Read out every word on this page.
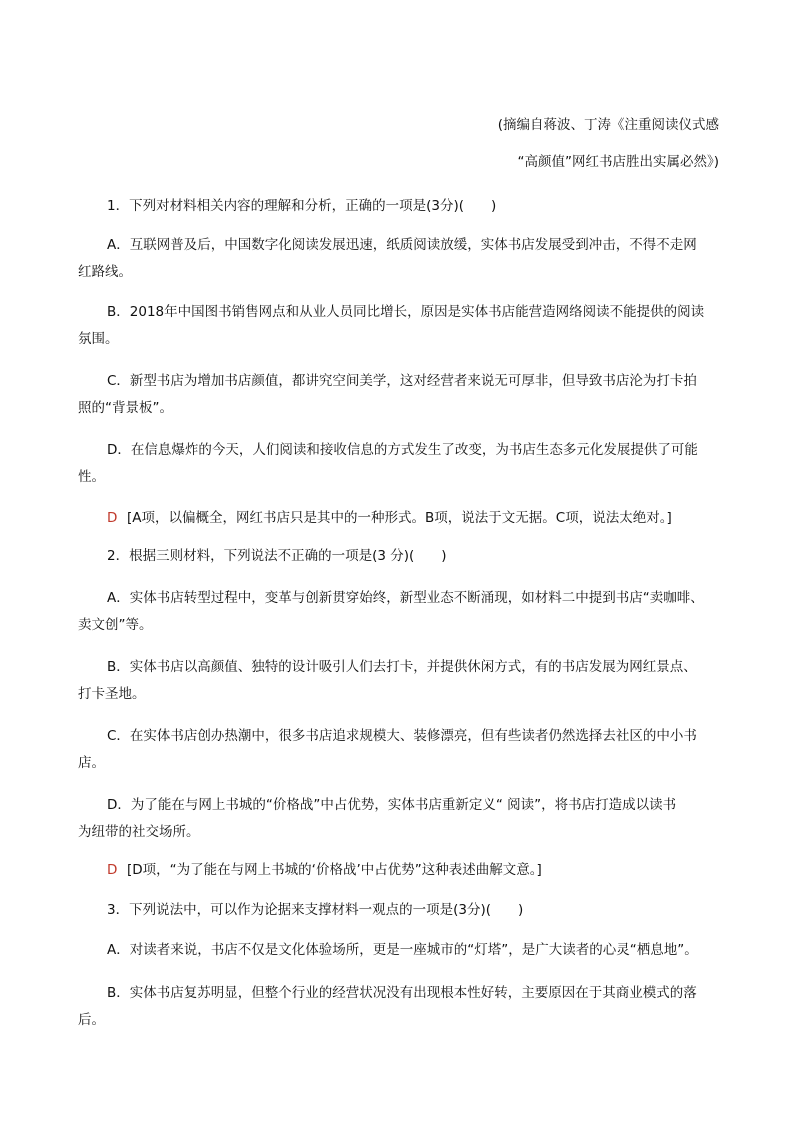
(摘编自蒋波、丁涛《注重阅读仪式感
“高颜值”网红书店胜出实属必然》)
1．下列对材料相关内容的理解和分析，正确的一项是(3分)(　　)
A．互联网普及后，中国数字化阅读发展迅速，纸质阅读放缓，实体书店发展受到冲击，不得不走网
红路线。
B．2018年中国图书销售网点和从业人员同比增长，原因是实体书店能营造网络阅读不能提供的阅读
氛围。
C．新型书店为增加书店颜值，都讲究空间美学，这对经营者来说无可厚非，但导致书店沦为打卡拍
照的“背景板”。
D．在信息爆炸的今天，人们阅读和接收信息的方式发生了改变，为书店生态多元化发展提供了可能
性。
D [A项，以偏概全，网红书店只是其中的一种形式。B项，说法于文无据。C项，说法太绝对。]
2．根据三则材料，下列说法不正确的一项是(3 分)(　　)
A．实体书店转型过程中，变革与创新贯穿始终，新型业态不断涌现，如材料二中提到书店“卖咖啡、
卖文创”等。
B．实体书店以高颜值、独特的设计吸引人们去打卡，并提供休闲方式，有的书店发展为网红景点、
打卡圣地。
C．在实体书店创办热潮中，很多书店追求规模大、装修漂亮，但有些读者仍然选择去社区的中小书
店。
D．为了能在与网上书城的“价格战”中占优势，实体书店重新定义“ 阅读”，将书店打造成以读书
为纽带的社交场所。
D [D项，“为了能在与网上书城的‘价格战’中占优势”这种表述曲解文意。]
3．下列说法中，可以作为论据来支撑材料一观点的一项是(3分)(　　)
A．对读者来说，书店不仅是文化体验场所，更是一座城市的“灯塔”，是广大读者的心灵“栖息地”。
B．实体书店复苏明显，但整个行业的经营状况没有出现根本性好转，主要原因在于其商业模式的落
后。
